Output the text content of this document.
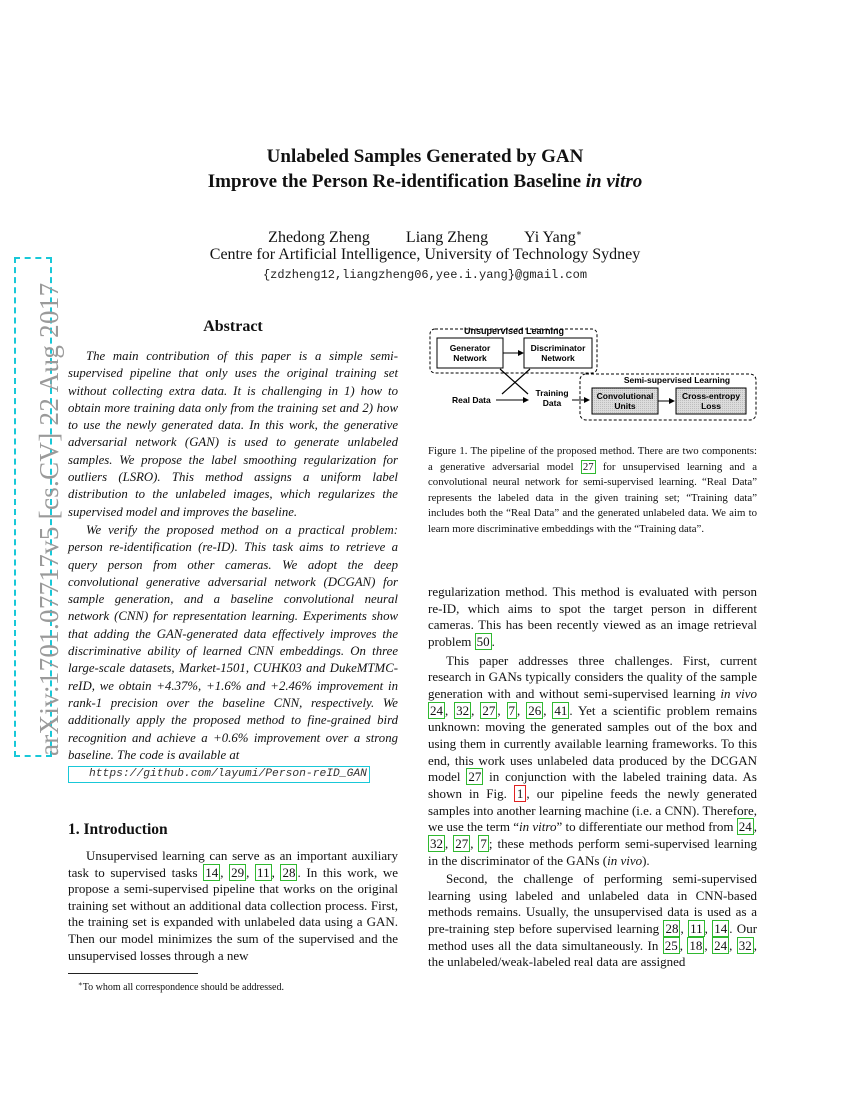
arXiv:1701.07717v5 [cs.CV] 22 Aug 2017
Unlabeled Samples Generated by GAN
Improve the Person Re-identification Baseline in vitro
Zhedong Zheng Liang Zheng Yi Yang∗
Centre for Artificial Intelligence, University of Technology Sydney
{zdzheng12,liangzheng06,yee.i.yang}@gmail.com
Abstract

The main contribution of this paper is a simple semi-supervised pipeline that only uses the original training set without collecting extra data. It is challenging in 1) how to obtain more training data only from the training set and 2) how to use the newly generated data. In this work, the generative adversarial network (GAN) is used to generate unlabeled samples. We propose the label smoothing regularization for outliers (LSRO). This method assigns a uniform label distribution to the unlabeled images, which regularizes the supervised model and improves the baseline.

We verify the proposed method on a practical problem: person re-identification (re-ID). This task aims to retrieve a query person from other cameras. We adopt the deep convolutional generative adversarial network (DCGAN) for sample generation, and a baseline convolutional neural network (CNN) for representation learning. Experiments show that adding the GAN-generated data effectively improves the discriminative ability of learned CNN embeddings. On three large-scale datasets, Market-1501, CUHK03 and DukeMTMC-reID, we obtain +4.37%, +1.6% and +2.46% improvement in rank-1 precision over the baseline CNN, respectively. We additionally apply the proposed method to fine-grained bird recognition and achieve a +0.6% improvement over a strong baseline. The code is available at
https://github.com/layumi/Person-reID_GAN

1. Introduction

Unsupervised learning can serve as an important auxiliary task to supervised tasks 14 , 29 , 11 , 28 . In this work, we propose a semi-supervised pipeline that works on the original training set without an additional data collection process. First, the training set is expanded with unlabeled data using a GAN. Then our model minimizes the sum of the supervised and the unsupervised losses through a new

∗To whom all correspondence should be addressed.
Unsupervised Learning
Generator
Network
Discriminator
Network
Real Data
Training
Data
Semi-supervised Learning
Convolutional
Units
Cross-entropy
Loss

Figure 1. The pipeline of the proposed method. There are two components: a generative adversarial model 27 for unsupervised learning and a convolutional neural network for semi-supervised learning. “Real Data” represents the labeled data in the given training set; “Training data” includes both the “Real Data” and the generated unlabeled data. We aim to learn more discriminative embeddings with the “Training data”.

regularization method. This method is evaluated with person re-ID, which aims to spot the target person in different cameras. This has been recently viewed as an image retrieval problem 50 .

This paper addresses three challenges. First, current research in GANs typically considers the quality of the sample generation with and without semi-supervised learning in vivo 24 , 32 , 27 , 7 , 26 , 41 . Yet a scientific problem remains unknown: moving the generated samples out of the box and using them in currently available learning frameworks. To this end, this work uses unlabeled data produced by the DCGAN model 27 in conjunction with the labeled training data. As shown in Fig. 1 , our pipeline feeds the newly generated samples into another learning machine (i.e. a CNN). Therefore, we use the term “in vitro” to differentiate our method from 24 , 32 , 27 , 7 ; these methods perform semi-supervised learning in the discriminator of the GANs (in vivo).

Second, the challenge of performing semi-supervised learning using labeled and unlabeled data in CNN-based methods remains. Usually, the unsupervised data is used as a pre-training step before supervised learning 28 , 11 , 14 . Our method uses all the data simultaneously. In 25 , 18 , 24 , 32 , the unlabeled/weak-labeled real data are assigned
